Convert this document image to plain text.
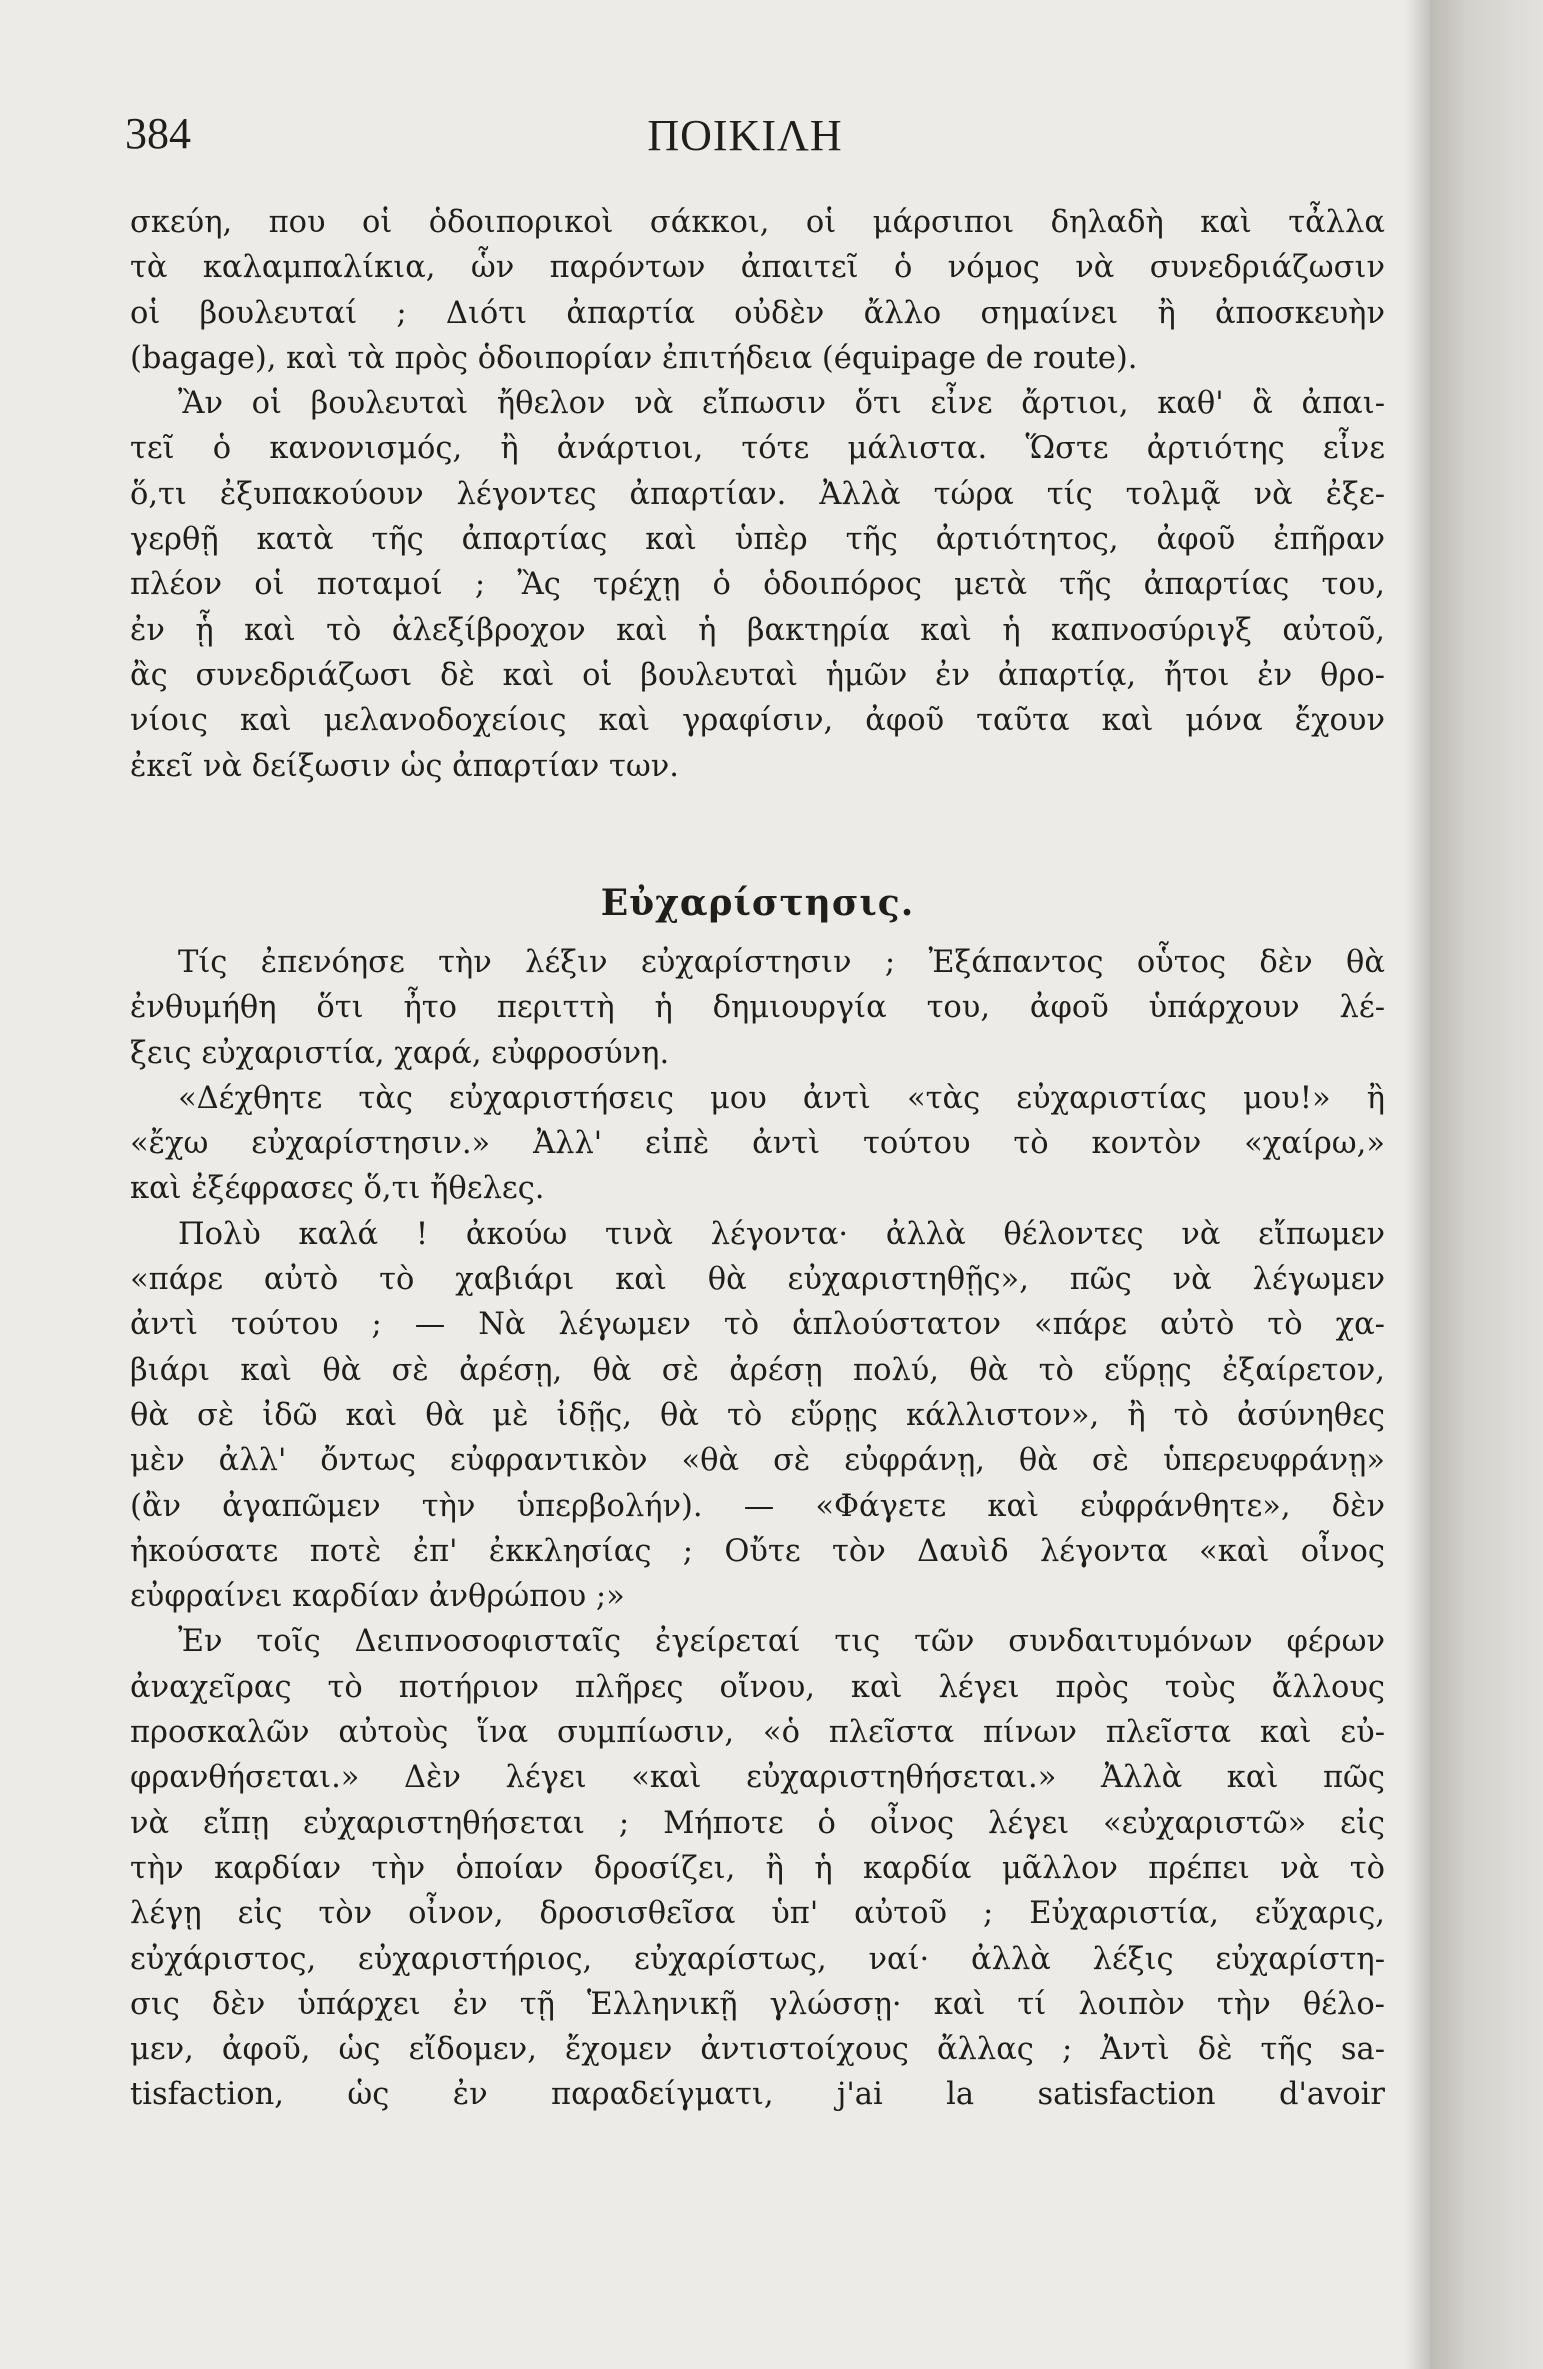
384	ΠΟΙΚΙΛΗ
σκεύη, που οἱ ὁδοιπορικοὶ σάκκοι, οἱ μάρσιποι δηλαδὴ καὶ τἆλλα
τὰ καλαμπαλίκια, ὧν παρόντων ἀπαιτεῖ ὁ νόμος νὰ συνεδριάζωσιν
οἱ βουλευταί ; Διότι ἀπαρτία οὐδὲν ἄλλο σημαίνει ἢ ἀποσκευὴν
(bagage), καὶ τὰ πρὸς ὁδοιπορίαν ἐπιτήδεια (équipage de route).
Ἂν οἱ βουλευταὶ ἤθελον νὰ εἴπωσιν ὅτι εἶνε ἄρτιοι, καθ' ἃ ἀπαι-
τεῖ ὁ κανονισμός, ἢ ἀνάρτιοι, τότε μάλιστα. Ὥστε ἀρτιότης εἶνε
ὅ,τι ἐξυπακούουν λέγοντες ἀπαρτίαν. Ἀλλὰ τώρα τίς τολμᾷ νὰ ἐξε-
γερθῇ κατὰ τῆς ἀπαρτίας καὶ ὑπὲρ τῆς ἀρτιότητος, ἀφοῦ ἐπῆραν
πλέον οἱ ποταμοί ; Ἂς τρέχῃ ὁ ὁδοιπόρος μετὰ τῆς ἀπαρτίας του,
ἐν ᾗ καὶ τὸ ἀλεξίβροχον καὶ ἡ βακτηρία καὶ ἡ καπνοσύριγξ αὐτοῦ,
ἂς συνεδριάζωσι δὲ καὶ οἱ βουλευταὶ ἡμῶν ἐν ἀπαρτίᾳ, ἤτοι ἐν θρο-
νίοις καὶ μελανοδοχείοις καὶ γραφίσιν, ἀφοῦ ταῦτα καὶ μόνα ἔχουν
ἐκεῖ νὰ δείξωσιν ὡς ἀπαρτίαν των.
Εὐχαρίστησις.
Τίς ἐπενόησε τὴν λέξιν εὐχαρίστησιν ; Ἐξάπαντος οὗτος δὲν θὰ
ἐνθυμήθη ὅτι ἦτο περιττὴ ἡ δημιουργία του, ἀφοῦ ὑπάρχουν λέ-
ξεις εὐχαριστία, χαρά, εὐφροσύνη.
«Δέχθητε τὰς εὐχαριστήσεις μου ἀντὶ «τὰς εὐχαριστίας μου!» ἢ
«ἔχω εὐχαρίστησιν.» Ἀλλ' εἰπὲ ἀντὶ τούτου τὸ κοντὸν «χαίρω,»
καὶ ἐξέφρασες ὅ,τι ἤθελες.
Πολὺ καλά ! ἀκούω τινὰ λέγοντα· ἀλλὰ θέλοντες νὰ εἴπωμεν
«πάρε αὐτὸ τὸ χαβιάρι καὶ θὰ εὐχαριστηθῇς», πῶς νὰ λέγωμεν
ἀντὶ τούτου ; — Νὰ λέγωμεν τὸ ἁπλούστατον «πάρε αὐτὸ τὸ χα-
βιάρι καὶ θὰ σὲ ἀρέσῃ, θὰ σὲ ἀρέσῃ πολύ, θὰ τὸ εὕρῃς ἐξαίρετον,
θὰ σὲ ἰδῶ καὶ θὰ μὲ ἰδῇς, θὰ τὸ εὕρῃς κάλλιστον», ἢ τὸ ἀσύνηθες
μὲν ἀλλ' ὄντως εὐφραντικὸν «θὰ σὲ εὐφράνῃ, θὰ σὲ ὑπερευφράνῃ»
(ἂν ἀγαπῶμεν τὴν ὑπερβολήν). — «Φάγετε καὶ εὐφράνθητε», δὲν
ἠκούσατε ποτὲ ἐπ' ἐκκλησίας ; Οὔτε τὸν Δαυὶδ λέγοντα «καὶ οἶνος
εὐφραίνει καρδίαν ἀνθρώπου ;»
Ἐν τοῖς Δειπνοσοφισταῖς ἐγείρεταί τις τῶν συνδαιτυμόνων φέρων
ἀναχεῖρας τὸ ποτήριον πλῆρες οἴνου, καὶ λέγει πρὸς τοὺς ἄλλους
προσκαλῶν αὐτοὺς ἵνα συμπίωσιν, «ὁ πλεῖστα πίνων πλεῖστα καὶ εὐ-
φρανθήσεται.» Δὲν λέγει «καὶ εὐχαριστηθήσεται.» Ἀλλὰ καὶ πῶς
νὰ εἴπῃ εὐχαριστηθήσεται ; Μήποτε ὁ οἶνος λέγει «εὐχαριστῶ» εἰς
τὴν καρδίαν τὴν ὁποίαν δροσίζει, ἢ ἡ καρδία μᾶλλον πρέπει νὰ τὸ
λέγῃ εἰς τὸν οἶνον, δροσισθεῖσα ὑπ' αὐτοῦ ; Εὐχαριστία, εὔχαρις,
εὐχάριστος, εὐχαριστήριος, εὐχαρίστως, ναί· ἀλλὰ λέξις εὐχαρίστη-
σις δὲν ὑπάρχει ἐν τῇ Ἑλληνικῇ γλώσσῃ· καὶ τί λοιπὸν τὴν θέλο-
μεν, ἀφοῦ, ὡς εἴδομεν, ἔχομεν ἀντιστοίχους ἄλλας ; Ἀντὶ δὲ τῆς sa-
tisfaction, ὡς ἐν παραδείγματι, j'ai la satisfaction d'avoir
